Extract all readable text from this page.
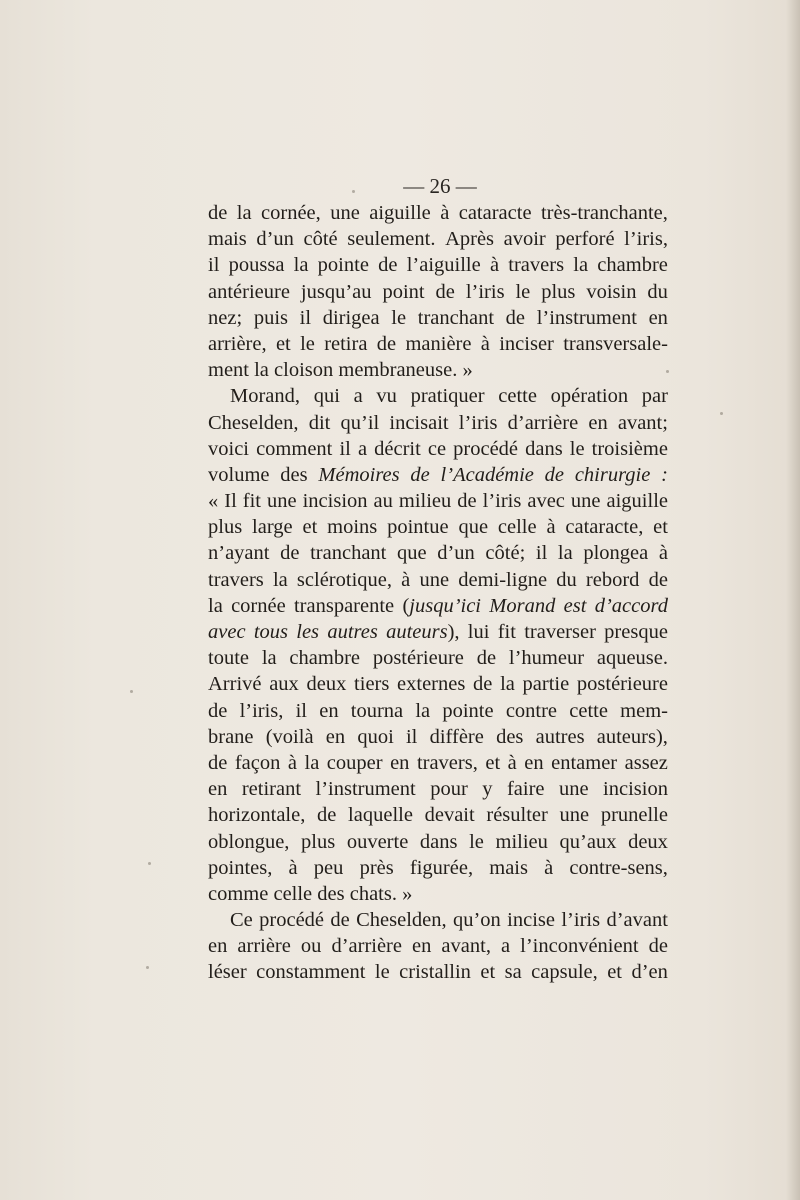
— 26 —
de la cornée, une aiguille à cataracte très-tranchante,
mais d’un côté seulement. Après avoir perforé l’iris,
il poussa la pointe de l’aiguille à travers la chambre
antérieure jusqu’au point de l’iris le plus voisin du
nez; puis il dirigea le tranchant de l’instrument en
arrière, et le retira de manière à inciser transversale-
ment la cloison membraneuse. »
Morand, qui a vu pratiquer cette opération par
Cheselden, dit qu’il incisait l’iris d’arrière en avant;
voici comment il a décrit ce procédé dans le troisième
volume des Mémoires de l’Académie de chirurgie :
« Il fit une incision au milieu de l’iris avec une aiguille
plus large et moins pointue que celle à cataracte, et
n’ayant de tranchant que d’un côté; il la plongea à
travers la sclérotique, à une demi-ligne du rebord de
la cornée transparente (jusqu’ici Morand est d’accord
avec tous les autres auteurs), lui fit traverser presque
toute la chambre postérieure de l’humeur aqueuse.
Arrivé aux deux tiers externes de la partie postérieure
de l’iris, il en tourna la pointe contre cette mem-
brane (voilà en quoi il diffère des autres auteurs),
de façon à la couper en travers, et à en entamer assez
en retirant l’instrument pour y faire une incision
horizontale, de laquelle devait résulter une prunelle
oblongue, plus ouverte dans le milieu qu’aux deux
pointes, à peu près figurée, mais à contre-sens,
comme celle des chats. »
Ce procédé de Cheselden, qu’on incise l’iris d’avant
en arrière ou d’arrière en avant, a l’inconvénient de
léser constamment le cristallin et sa capsule, et d’en
